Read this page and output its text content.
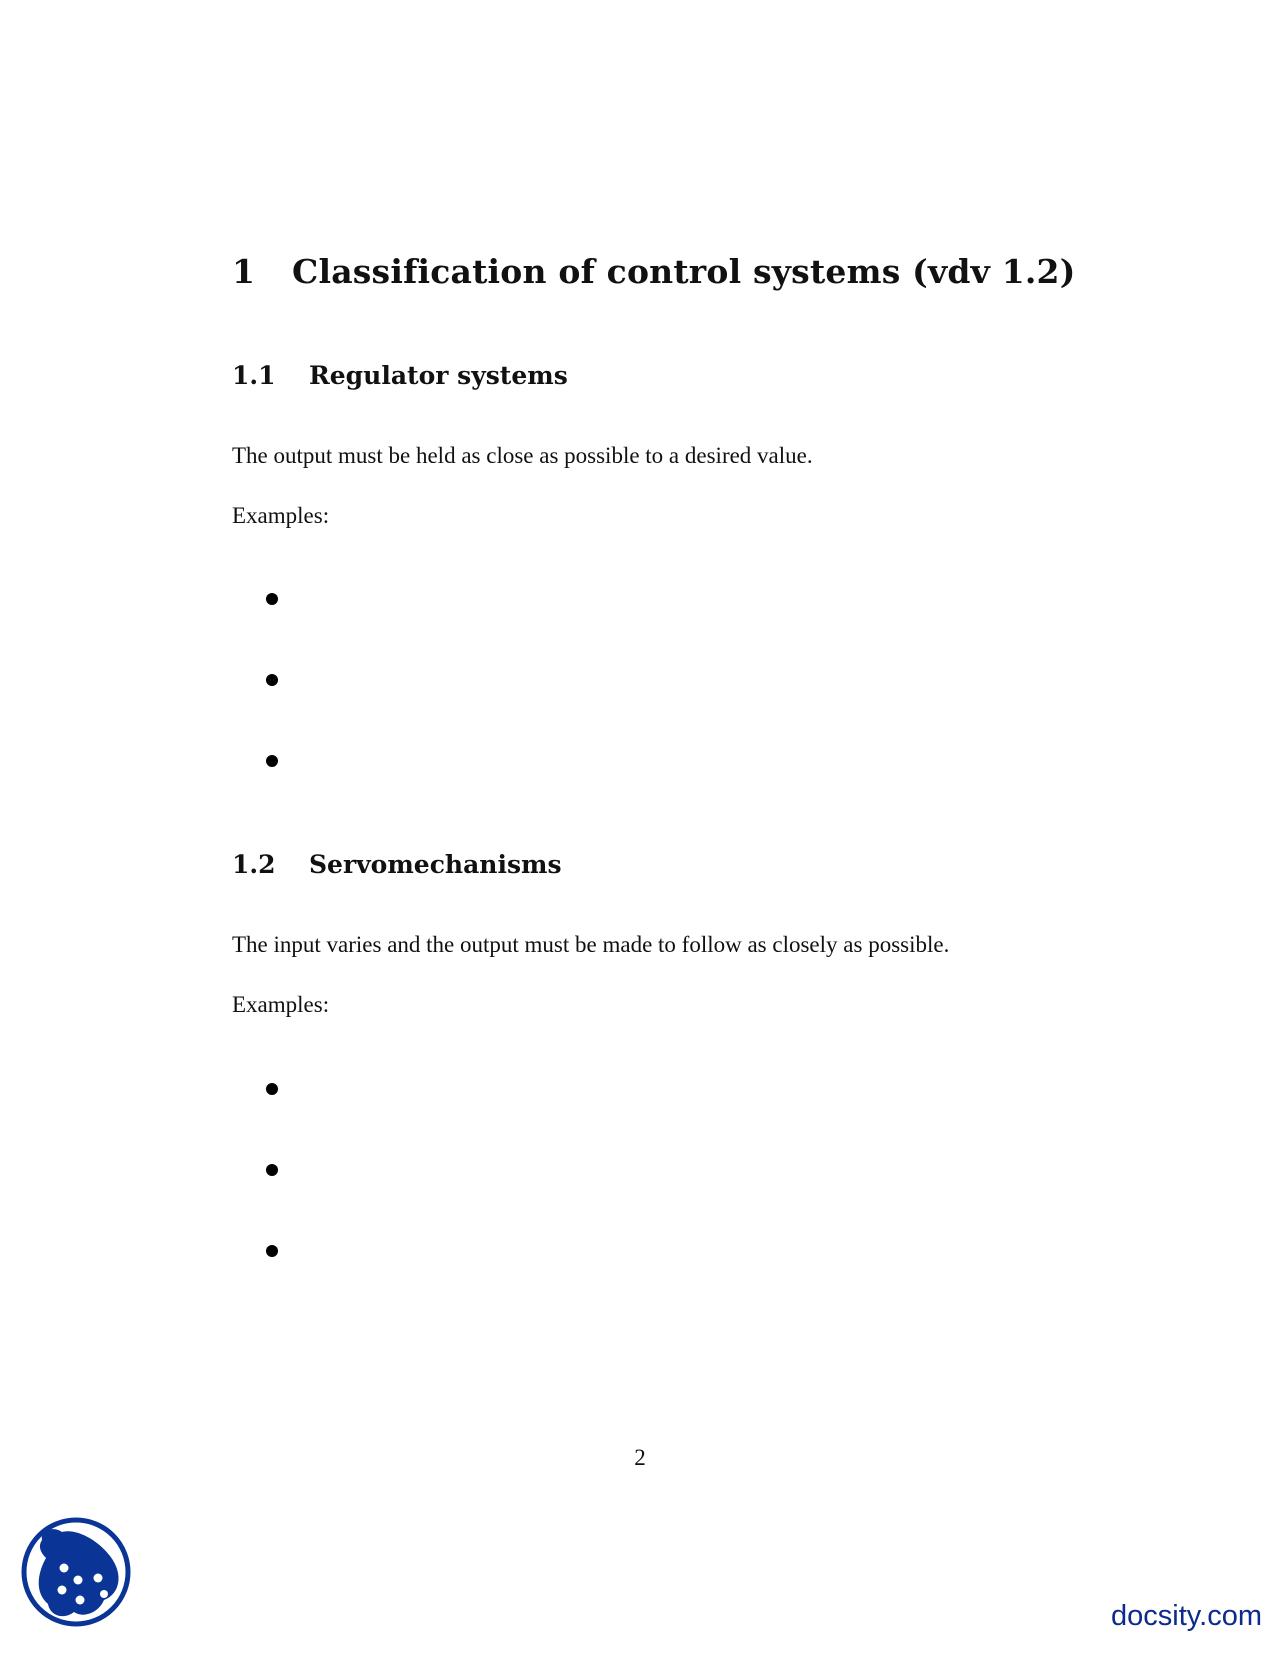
1 Classification of control systems (vdv 1.2)
1.1 Regulator systems
The output must be held as close as possible to a desired value.
Examples:
1.2 Servomechanisms
The input varies and the output must be made to follow as closely as possible.
Examples:
2
docsity.com
